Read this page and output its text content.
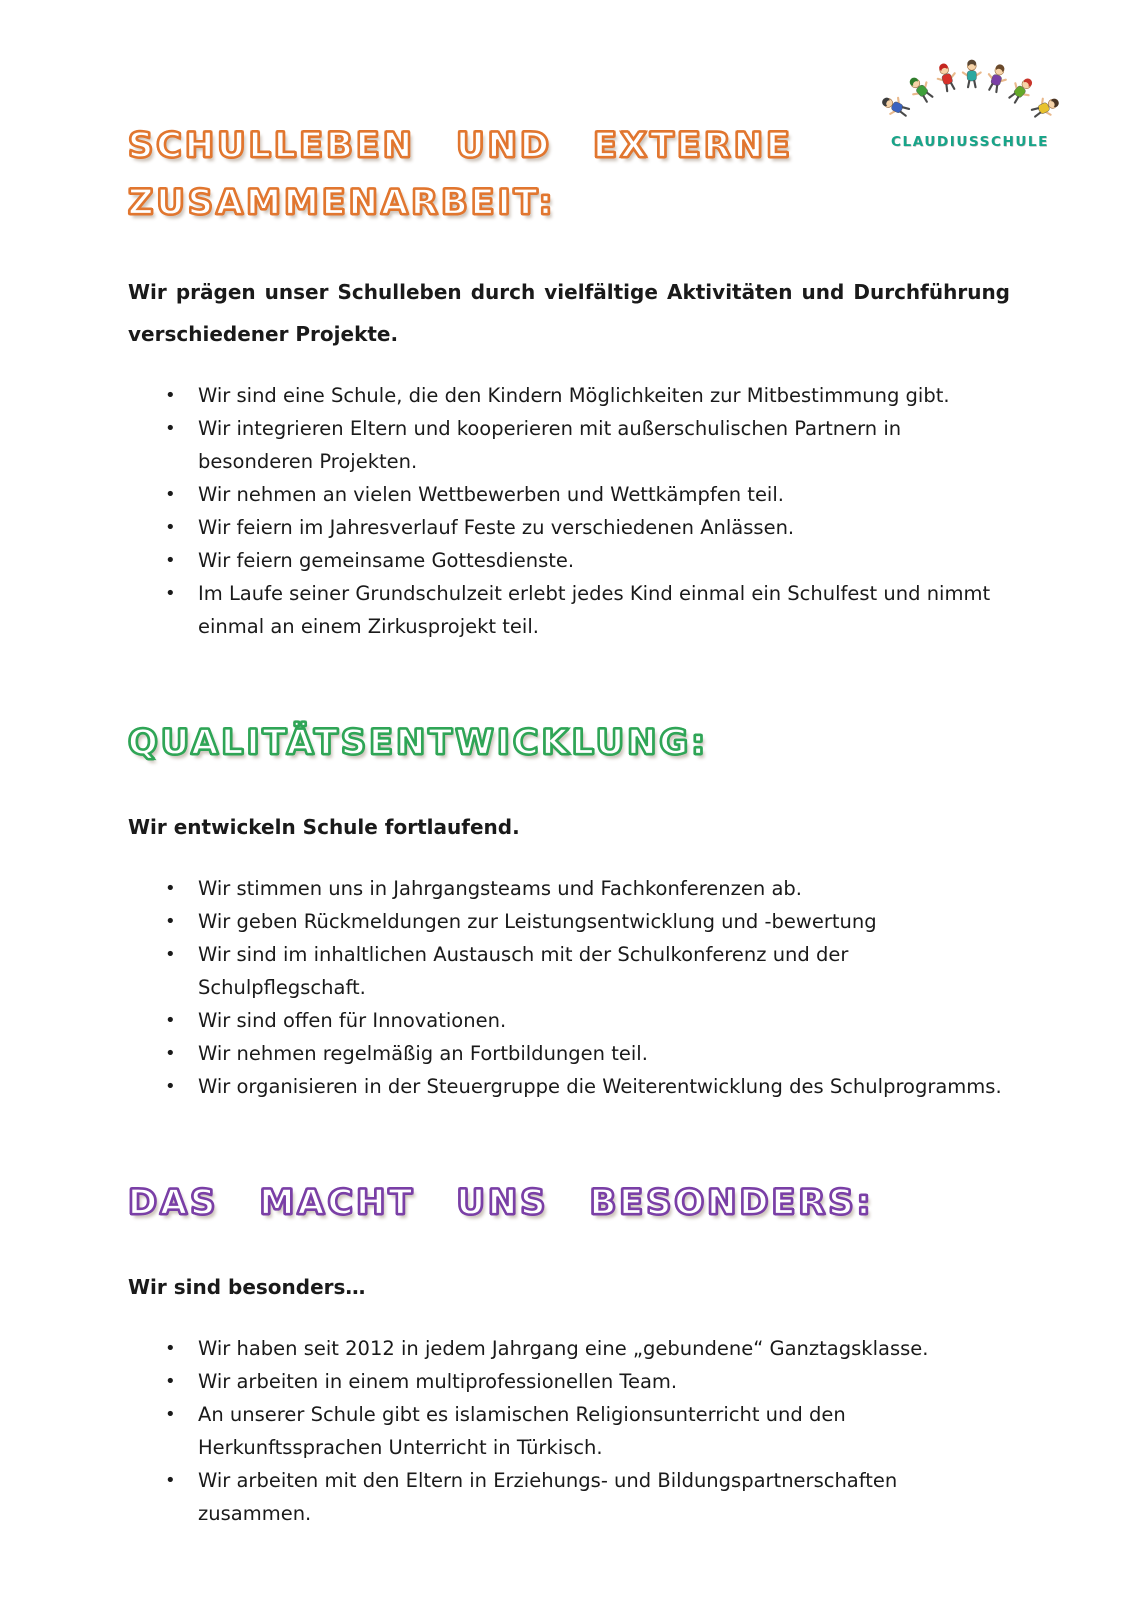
CLAUDIUSSCHULE
SCHULLEBEN UND EXTERNE
ZUSAMMENARBEIT:

Wir prägen unser Schulleben durch vielfältige Aktivitäten und Durchführung verschiedener Projekte.

•	Wir sind eine Schule, die den Kindern Möglichkeiten zur Mitbestimmung gibt.
•	Wir integrieren Eltern und kooperieren mit außerschulischen Partnern in besonderen Projekten.
•	Wir nehmen an vielen Wettbewerben und Wettkämpfen teil.
•	Wir feiern im Jahresverlauf Feste zu verschiedenen Anlässen.
•	Wir feiern gemeinsame Gottesdienste.
•	Im Laufe seiner Grundschulzeit erlebt jedes Kind einmal ein Schulfest und nimmt einmal an einem Zirkusprojekt teil.
QUALITÄTSENTWICKLUNG:

Wir entwickeln Schule fortlaufend.

•	Wir stimmen uns in Jahrgangsteams und Fachkonferenzen ab.
•	Wir geben Rückmeldungen zur Leistungsentwicklung und -bewertung
•	Wir sind im inhaltlichen Austausch mit der Schulkonferenz und der Schulpflegschaft.
•	Wir sind offen für Innovationen.
•	Wir nehmen regelmäßig an Fortbildungen teil.
•	Wir organisieren in der Steuergruppe die Weiterentwicklung des Schulprogramms.
DAS MACHT UNS BESONDERS:

Wir sind besonders…

•	Wir haben seit 2012 in jedem Jahrgang eine „gebundene“ Ganztagsklasse.
•	Wir arbeiten in einem multiprofessionellen Team.
•	An unserer Schule gibt es islamischen Religionsunterricht und den Herkunftssprachen Unterricht in Türkisch.
•	Wir arbeiten mit den Eltern in Erziehungs- und Bildungspartnerschaften zusammen.
